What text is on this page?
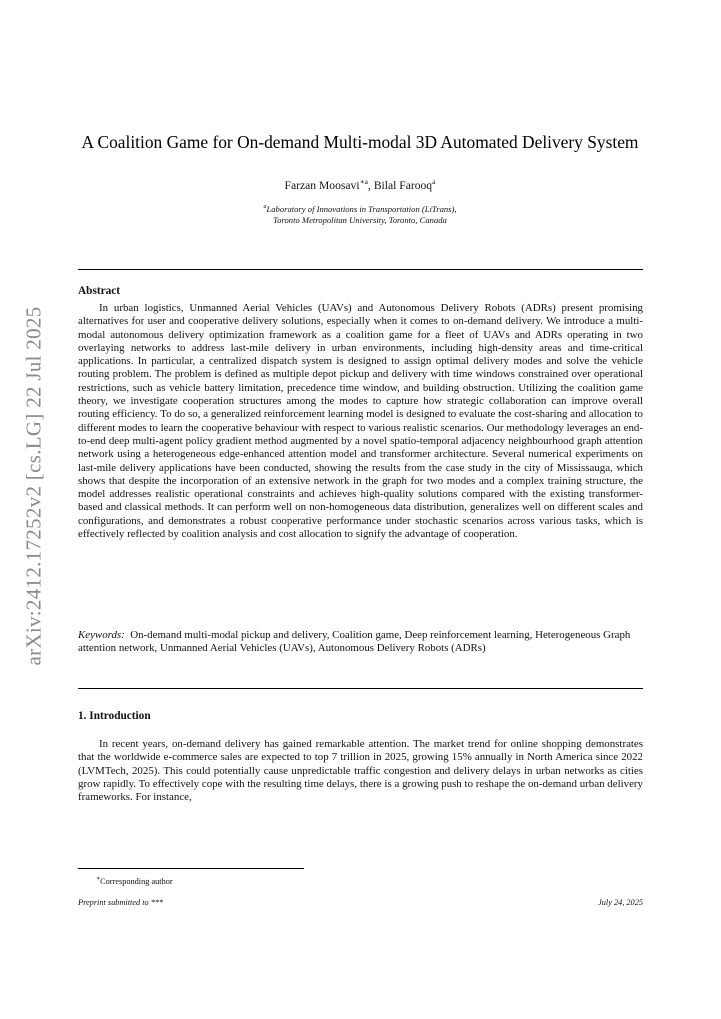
arXiv:2412.17252v2 [cs.LG] 22 Jul 2025
A Coalition Game for On-demand Multi-modal 3D Automated Delivery System
Farzan Moosavi$^{∗a}$, Bilal Farooq$^a$
$^a$Laboratory of Innovations in Transportation (LiTrans),
Toronto Metropolitan University, Toronto, Canada
Abstract

In urban logistics, Unmanned Aerial Vehicles (UAVs) and Autonomous Delivery Robots (ADRs) present promising alternatives for user and cooperative delivery solutions, especially when it comes to on-demand delivery. We introduce a multi-modal autonomous delivery optimization framework as a coalition game for a fleet of UAVs and ADRs operating in two overlaying networks to address last-mile delivery in urban environments, including high-density areas and time-critical applications. In particular, a centralized dispatch system is designed to assign optimal delivery modes and solve the vehicle routing problem. The problem is defined as multiple depot pickup and delivery with time windows constrained over operational restrictions, such as vehicle battery limitation, precedence time window, and building obstruction. Utilizing the coalition game theory, we investigate cooperation structures among the modes to capture how strategic collaboration can improve overall routing efficiency. To do so, a generalized reinforcement learning model is designed to evaluate the cost-sharing and allocation to different modes to learn the cooperative behaviour with respect to various realistic scenarios. Our methodology leverages an end-to-end deep multi-agent policy gradient method augmented by a novel spatio-temporal adjacency neighbourhood graph attention network using a heterogeneous edge-enhanced attention model and transformer architecture. Several numerical experiments on last-mile delivery applications have been conducted, showing the results from the case study in the city of Mississauga, which shows that despite the incorporation of an extensive network in the graph for two modes and a complex training structure, the model addresses realistic operational constraints and achieves high-quality solutions compared with the existing transformer-based and classical methods. It can perform well on non-homogeneous data distribution, generalizes well on different scales and configurations, and demonstrates a robust cooperative performance under stochastic scenarios across various tasks, which is effectively reflected by coalition analysis and cost allocation to signify the advantage of cooperation.

Keywords: On-demand multi-modal pickup and delivery, Coalition game, Deep reinforcement learning, Heterogeneous Graph attention network, Unmanned Aerial Vehicles (UAVs), Autonomous Delivery Robots (ADRs)

1. Introduction

In recent years, on-demand delivery has gained remarkable attention. The market trend for online shopping demonstrates that the worldwide e-commerce sales are expected to top 7 trillion in 2025, growing 15% annually in North America since 2022 (LVMTech, 2025). This could potentially cause unpredictable traffic congestion and delivery delays in urban networks as cities grow rapidly. To effectively cope with the resulting time delays, there is a growing push to reshape the on-demand urban delivery frameworks. For instance,

∗Corresponding author
Preprint submitted to ***	July 24, 2025
